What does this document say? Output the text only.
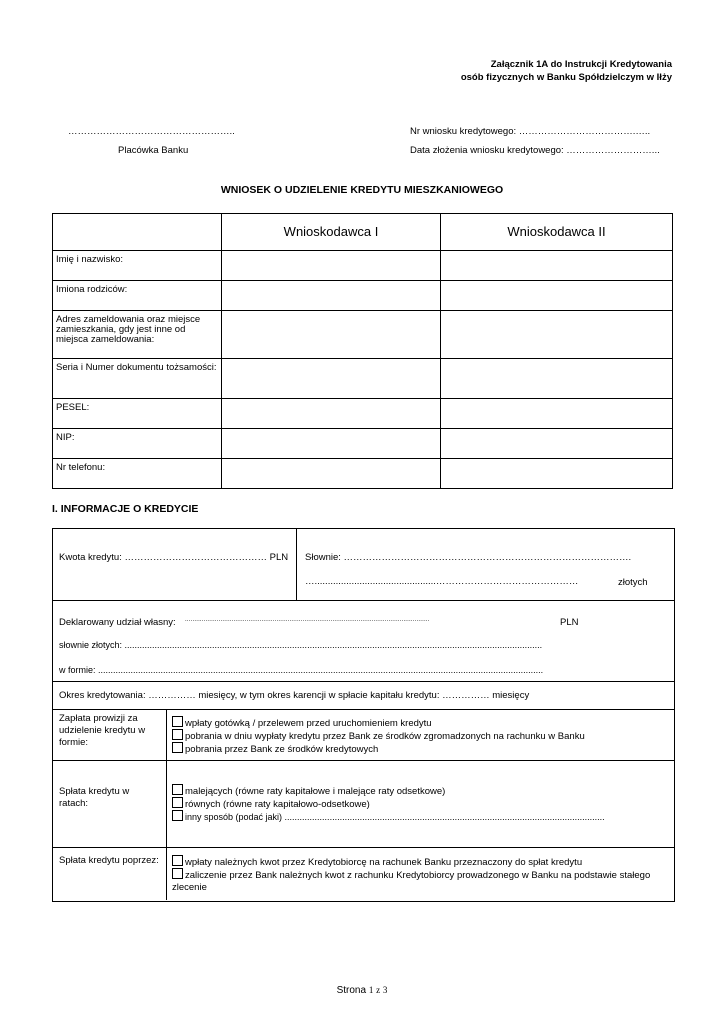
Załącznik 1A do Instrukcji Kredytowania
osób fizycznych w Banku Spółdzielczym w Iłży
……………………………………………..
Placówka Banku
Nr wniosku kredytowego: ……………………………….…..
Data złożenia wniosku kredytowego: ………………………...
WNIOSEK O UDZIELENIE KREDYTU MIESZKANIOWEGO
	Wnioskodawca I	Wnioskodawca II
Imię i nazwisko:		
Imiona rodziców:		
Adres zameldowania oraz miejsce zamieszkania, gdy jest inne od miejsca zameldowania:		
Seria i Numer dokumentu tożsamości:		
PESEL:		
NIP:		
Nr telefonu:		
I. INFORMACJE O KREDYCIE
Kwota kredytu: ……………………………………… PLN Słownie: ……………………………………………………………………………….
…..............................................………………………………………	złotych
Deklarowany udział własny: ...................................................................................................................................	PLN
słownie złotych: .......................................................................................................................................................................
w formie: ..................................................................................................................................................................................
Okres kredytowania: …………… miesięcy, w tym okres karencji w spłacie kapitału kredytu: …………… miesięcy
Zapłata prowizji za udzielenie kredytu w formie:
wpłaty gotówką / przelewem przed uruchomieniem kredytu
pobrania w dniu wypłaty kredytu przez Bank ze środków zgromadzonych na rachunku w Banku
pobrania przez Bank ze środków kredytowych
Spłata kredytu w ratach:
malejących (równe raty kapitałowe i malejące raty odsetkowe)
równych (równe raty kapitałowo-odsetkowe)
inny sposób (podać jaki) ................................................................................................................................
Spłata kredytu poprzez:	wpłaty należnych kwot przez Kredytobiorcę na rachunek Banku przeznaczony do spłat kredytu
zaliczenie przez Bank należnych kwot z rachunku Kredytobiorcy prowadzonego w Banku na podstawie stałego zlecenie
Strona 1 z 3
